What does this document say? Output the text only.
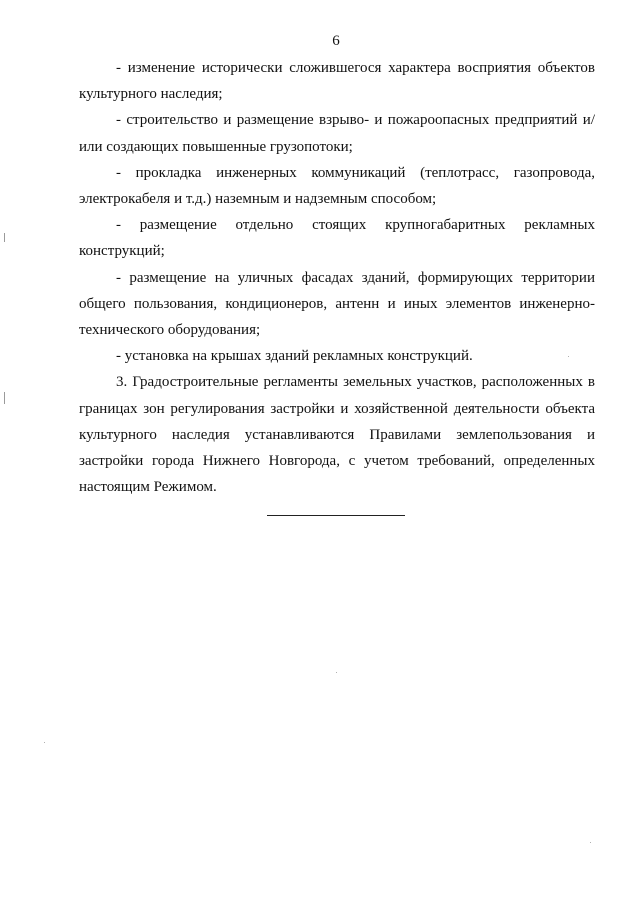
6

- изменение исторически сложившегося характера восприятия объектов культурного наследия;

- строительство и размещение взрыво- и пожароопасных предприятий и/или создающих повышенные грузопотоки;

- прокладка инженерных коммуникаций (теплотрасс, газопровода, электрокабеля и т.д.) наземным и надземным способом;

- размещение отдельно стоящих крупногабаритных рекламных конструкций;

- размещение на уличных фасадах зданий, формирующих территории общего пользования, кондиционеров, антенн и иных элементов инженерно-технического оборудования;

- установка на крышах зданий рекламных конструкций.

3. Градостроительные регламенты земельных участков, расположенных в границах зон регулирования застройки и хозяйственной деятельности объекта культурного наследия устанавливаются Правилами землепользования и застройки города Нижнего Новгорода, с учетом требований, определенных настоящим Режимом.
